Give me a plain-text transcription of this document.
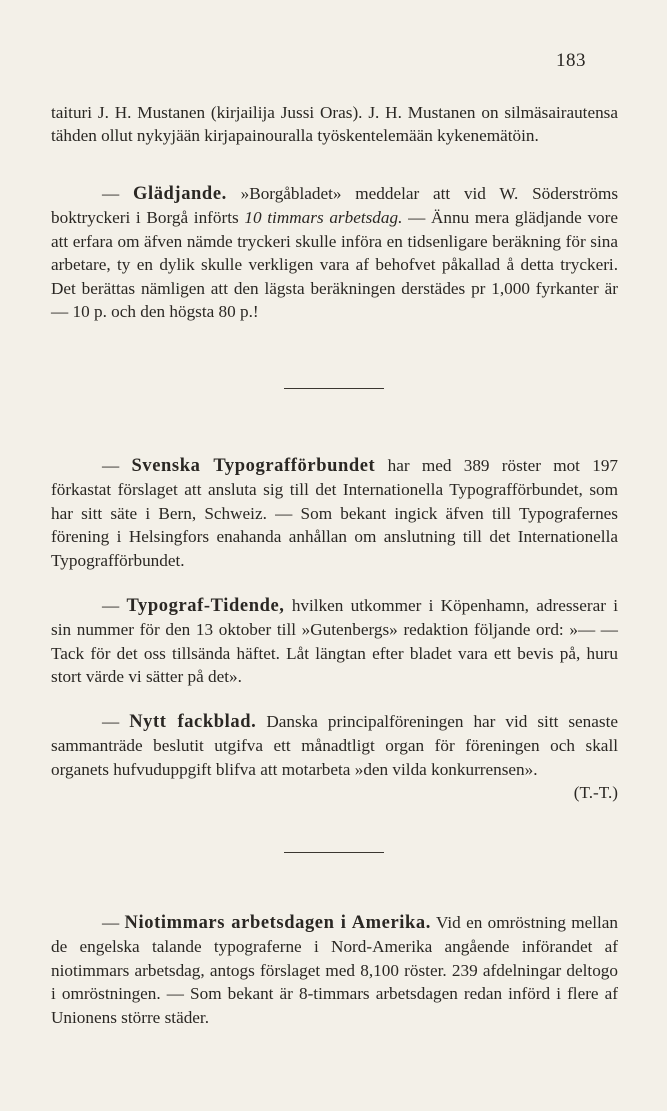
183

taituri J. H. Mustanen (kirjailija Jussi Oras). J. H. Mustanen on silmäsairautensa tähden ollut nykyjään kirjapainouralla työskentelemään kykenemätöin.

— Glädjande. »Borgåbladet» meddelar att vid W. Söderströms boktryckeri i Borgå införts 10 timmars arbetsdag. — Ännu mera glädjande vore att erfara om äfven nämde tryckeri skulle införa en tidsenligare beräkning för sina arbetare, ty en dylik skulle verkligen vara af behofvet påkallad å detta tryckeri. Det berättas nämligen att den lägsta beräkningen derstädes pr 1,000 fyrkanter är — 10 p. och den högsta 80 p.!

— Svenska Typografförbundet har med 389 röster mot 197 förkastat förslaget att ansluta sig till det Internationella Typografförbundet, som har sitt säte i Bern, Schweiz. — Som bekant ingick äfven till Typografernes förening i Helsingfors enahanda anhållan om anslutning till det Internationella Typografförbundet.

— Typograf-Tidende, hvilken utkommer i Köpenhamn, adresserar i sin nummer för den 13 oktober till »Gutenbergs» redaktion följande ord: »— — Tack för det oss tillsända häftet. Låt längtan efter bladet vara ett bevis på, huru stort värde vi sätter på det».

— Nytt fackblad. Danska principalföreningen har vid sitt senaste sammanträde beslutit utgifva ett månadtligt organ för föreningen och skall organets hufvuduppgift blifva att motarbeta »den vilda konkurrensen».
(T.-T.)

— Niotimmars arbetsdagen i Amerika. Vid en omröstning mellan de engelska talande typograferne i Nord-Amerika angående införandet af niotimmars arbetsdag, antogs förslaget med 8,100 röster. 239 afdelningar deltogo i omröstningen. — Som bekant är 8-timmars arbetsdagen redan införd i flere af Unionens större städer.
